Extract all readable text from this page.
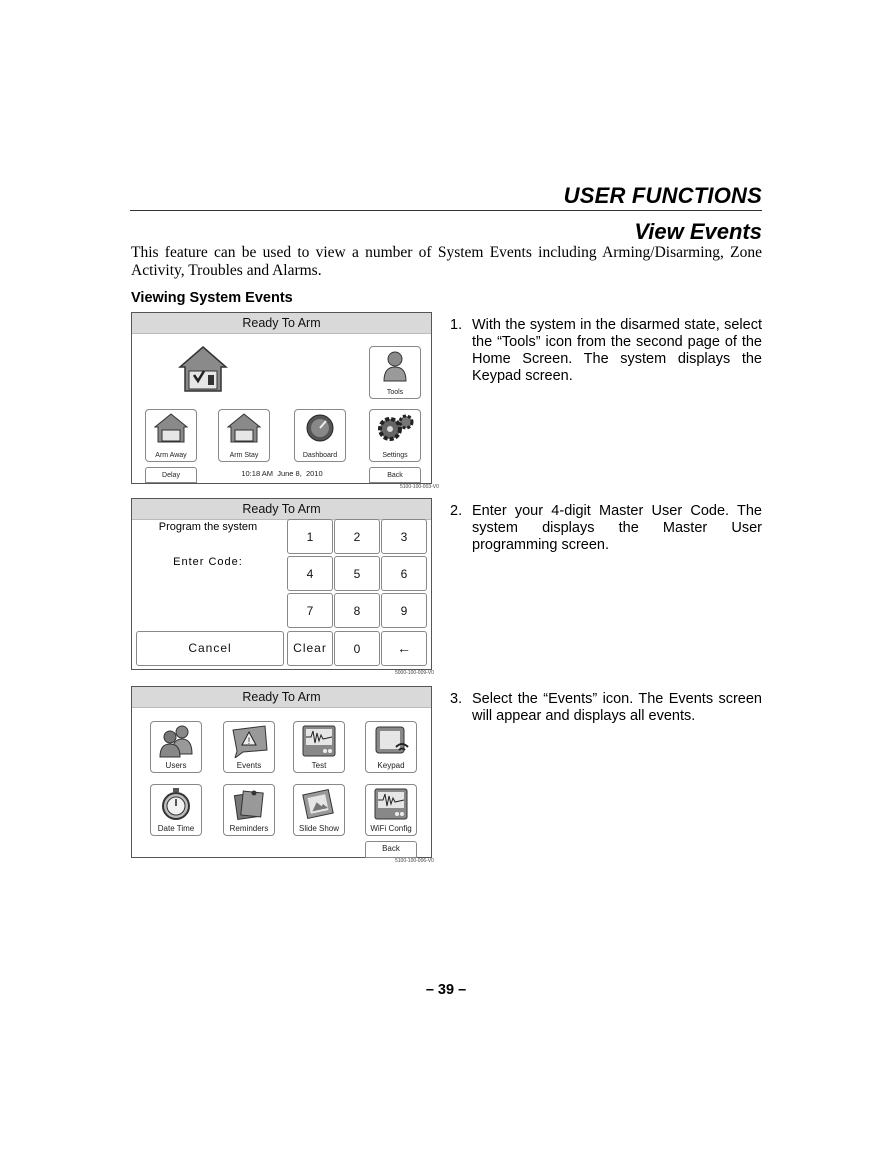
USER FUNCTIONS
View Events
This feature can be used to view a number of System Events including Arming/Disarming, Zone Activity, Troubles and Alarms.
Viewing System Events
Ready To Arm
Tools
Arm Away	Arm Stay	Dashboard	Settings
Delay	10:18 AM  June 8,  2010	Back
5100-100-003-V0
Ready To Arm
Program the system
Enter Code:
1	2	3
4	5	6
7	8	9
Cancel	Clear	0	←
5000-100-009-V0
Ready To Arm
Users
!
Events	Test	Keypad
Date Time	Reminders	Slide Show	WiFi Config
Back
5100-100-006-V0
1. With the system in the disarmed state, select the “Tools” icon from the second page of the Home Screen. The system displays the Keypad screen.
2. Enter your 4-digit Master User Code. The system displays the Master User programming screen.
3. Select the “Events” icon. The Events screen will appear and displays all events.
– 39 –
